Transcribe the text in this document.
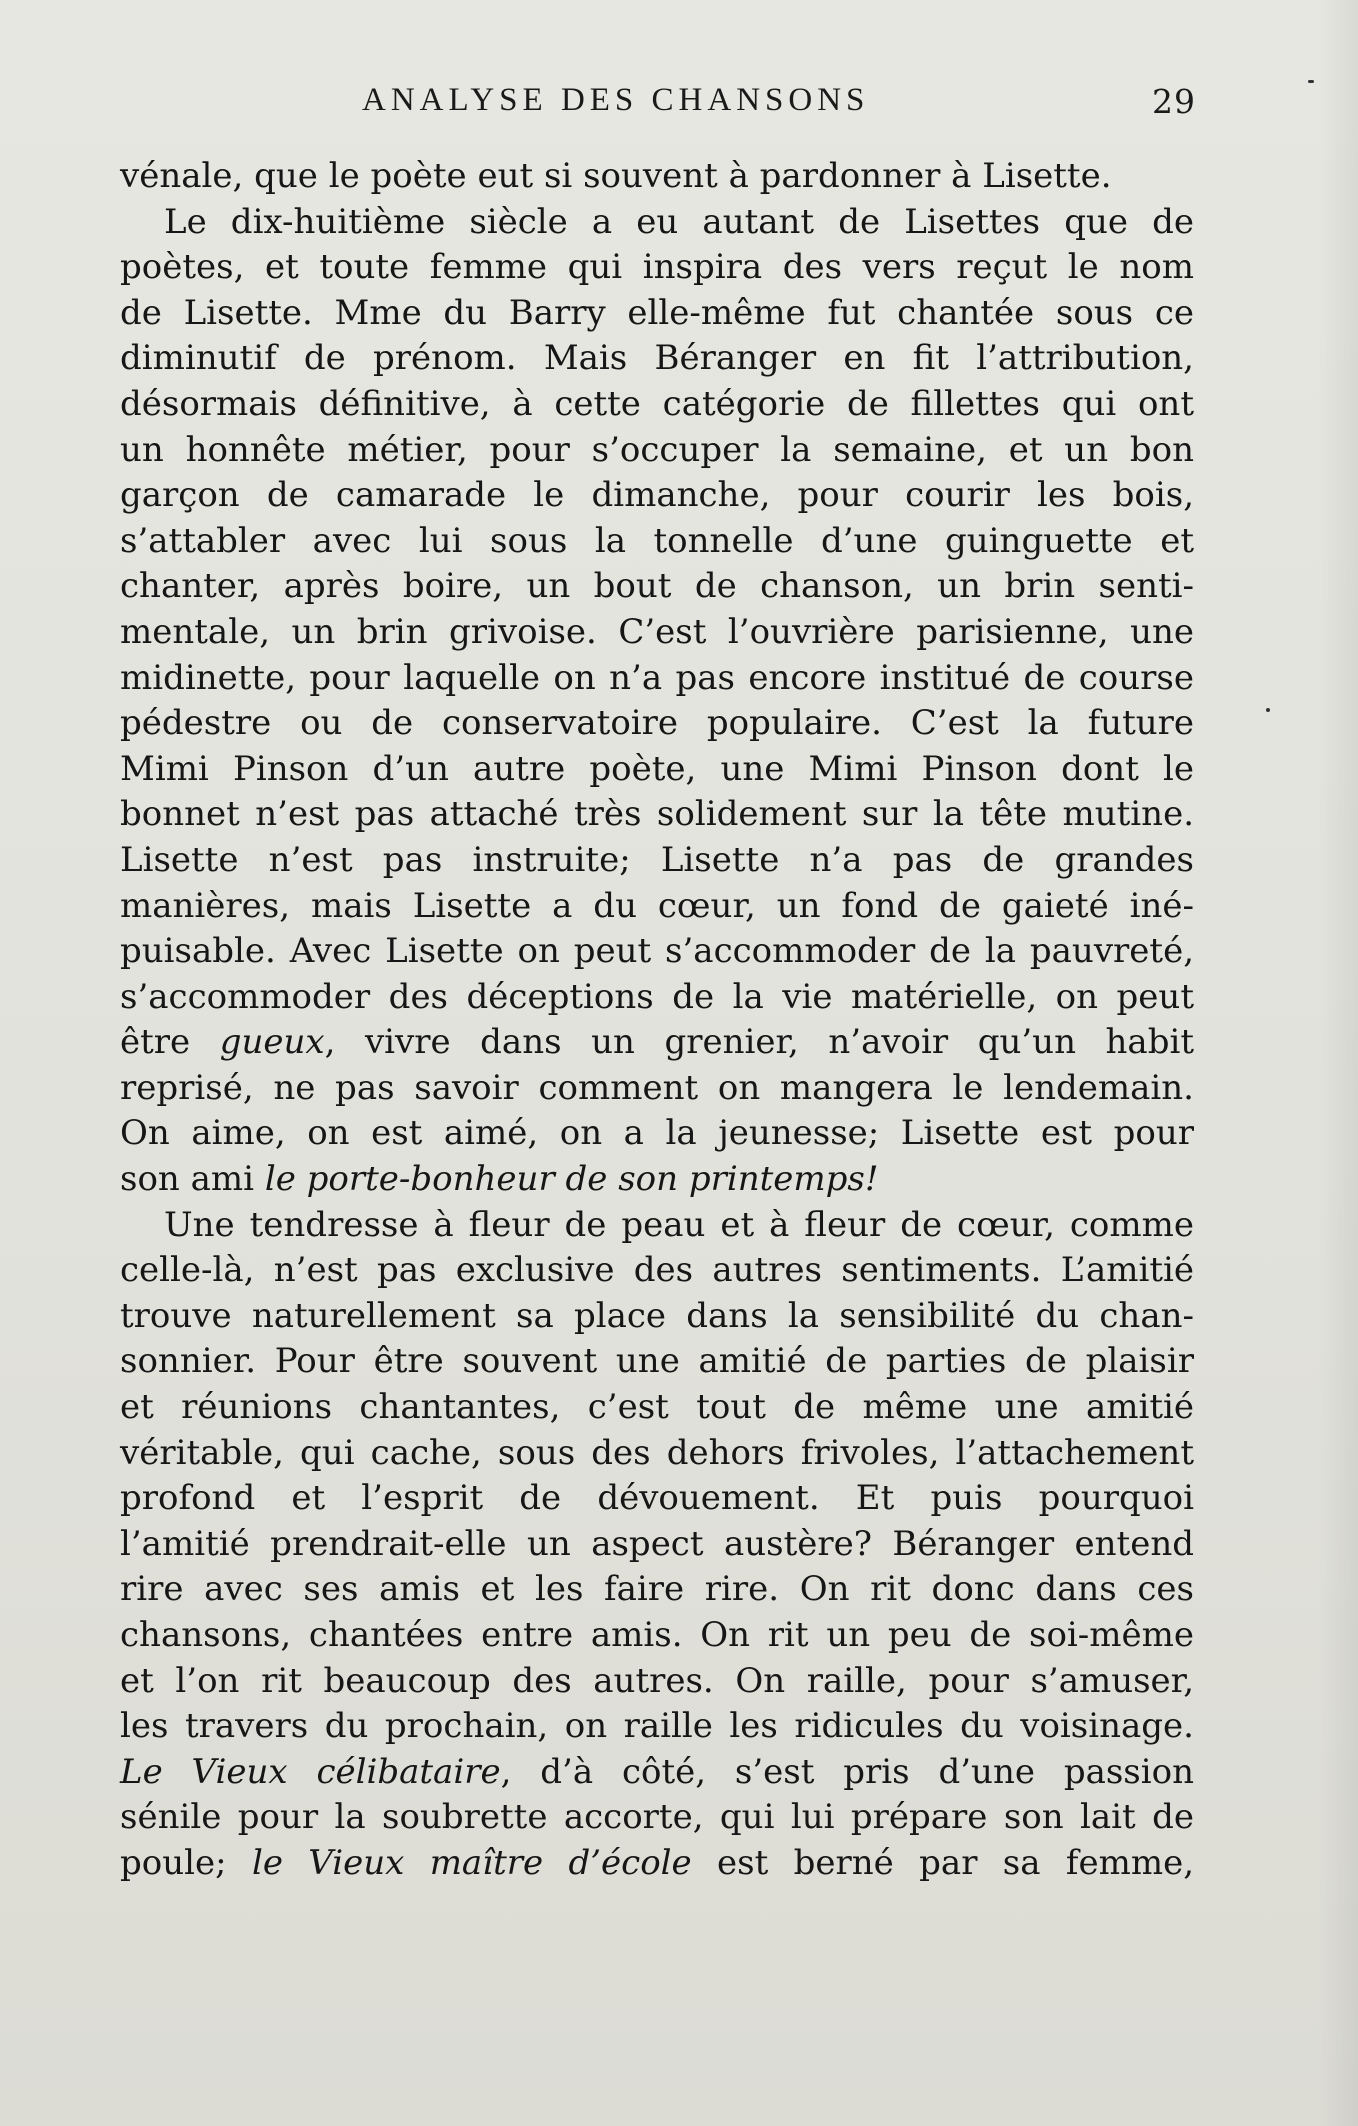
ANALYSE DES CHANSONS	29
vénale, que le poète eut si souvent à pardonner à Lisette.
Le dix-huitième siècle a eu autant de Lisettes que de
poètes, et toute femme qui inspira des vers reçut le nom
de Lisette. Mme du Barry elle-même fut chantée sous ce
diminutif de prénom. Mais Béranger en fit l’attribution,
désormais définitive, à cette catégorie de fillettes qui ont
un honnête métier, pour s’occuper la semaine, et un bon
garçon de camarade le dimanche, pour courir les bois,
s’attabler avec lui sous la tonnelle d’une guinguette et
chanter, après boire, un bout de chanson, un brin senti-
mentale, un brin grivoise. C’est l’ouvrière parisienne, une
midinette, pour laquelle on n’a pas encore institué de course
pédestre ou de conservatoire populaire. C’est la future
Mimi Pinson d’un autre poète, une Mimi Pinson dont le
bonnet n’est pas attaché très solidement sur la tête mutine.
Lisette n’est pas instruite; Lisette n’a pas de grandes
manières, mais Lisette a du cœur, un fond de gaieté iné-
puisable. Avec Lisette on peut s’accommoder de la pauvreté,
s’accommoder des déceptions de la vie matérielle, on peut
être gueux, vivre dans un grenier, n’avoir qu’un habit
reprisé, ne pas savoir comment on mangera le lendemain.
On aime, on est aimé, on a la jeunesse; Lisette est pour
son ami le porte-bonheur de son printemps!
Une tendresse à fleur de peau et à fleur de cœur, comme
celle-là, n’est pas exclusive des autres sentiments. L’amitié
trouve naturellement sa place dans la sensibilité du chan-
sonnier. Pour être souvent une amitié de parties de plaisir
et réunions chantantes, c’est tout de même une amitié
véritable, qui cache, sous des dehors frivoles, l’attachement
profond et l’esprit de dévouement. Et puis pourquoi
l’amitié prendrait-elle un aspect austère? Béranger entend
rire avec ses amis et les faire rire. On rit donc dans ces
chansons, chantées entre amis. On rit un peu de soi-même
et l’on rit beaucoup des autres. On raille, pour s’amuser,
les travers du prochain, on raille les ridicules du voisinage.
Le Vieux célibataire, d’à côté, s’est pris d’une passion
sénile pour la soubrette accorte, qui lui prépare son lait de
poule; le Vieux maître d’école est berné par sa femme,
